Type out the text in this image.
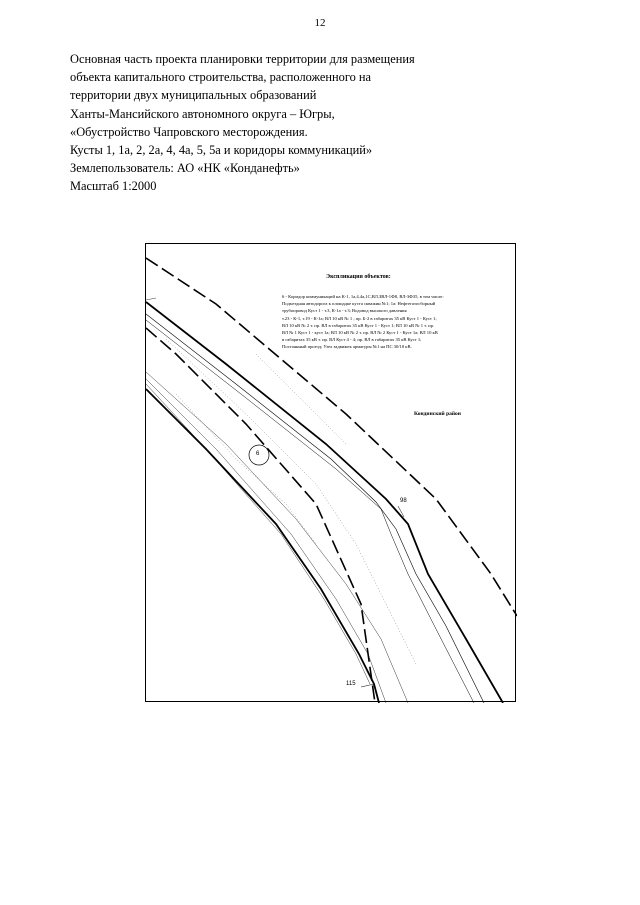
12
Основная часть проекта планировки территории для размещения
объекта капитального строительства, расположенного на
территории двух муниципальных образований
Ханты-Мансийского автономного округа – Югры,
«Обустройство Чапровского месторождения.
Кусты 1, 1а, 2, 2а, 4, 4а, 5, 5а и коридоры коммуникаций»
Землепользователь: АО «НК «Конданефть»
Масштаб 1:2000
Экспликация объектов:
6 - Коридор коммуникаций на К-1, 1а,4,4а,1С,ВЛ,ЗВЛ-1Ф8, ВЛ-3Ф35, в том числе:
Подъездная автодорога к площадке куста скважин №1; 1а: Нефтегазосборный
трубопровод Куст 1 - т.3, К-1а - т.3; Водовод высокого давления
т.23 - К-1, т.19 - К-1а; ВЛ 10 кВ № 1 ; пр. Б-2 в габаритах 35 кВ Куст 1 - Куст 1;
ВЛ 10 кВ № 2 т. пр. ВЛ в габаритах 35 кВ Куст 1 - Куст 1; ВЛ 10 кВ № 1 т. пр.
ВЛ № 1 Куст 1 - куст 1а; ВЛ 10 кВ № 2 т. пр. ВЛ № 2 Куст 1 - Куст 1а; ВЛ 10 кВ
в габаритах 35 кВ т. пр. ВЛ Куст 4 - 4; пр. ВЛ в габаритах 35 кВ Куст 1;
Постоянный проезд; Узел задвижек арматуры №1 на ПС 30/10 кВ.
Кондинский район
6
98
115
